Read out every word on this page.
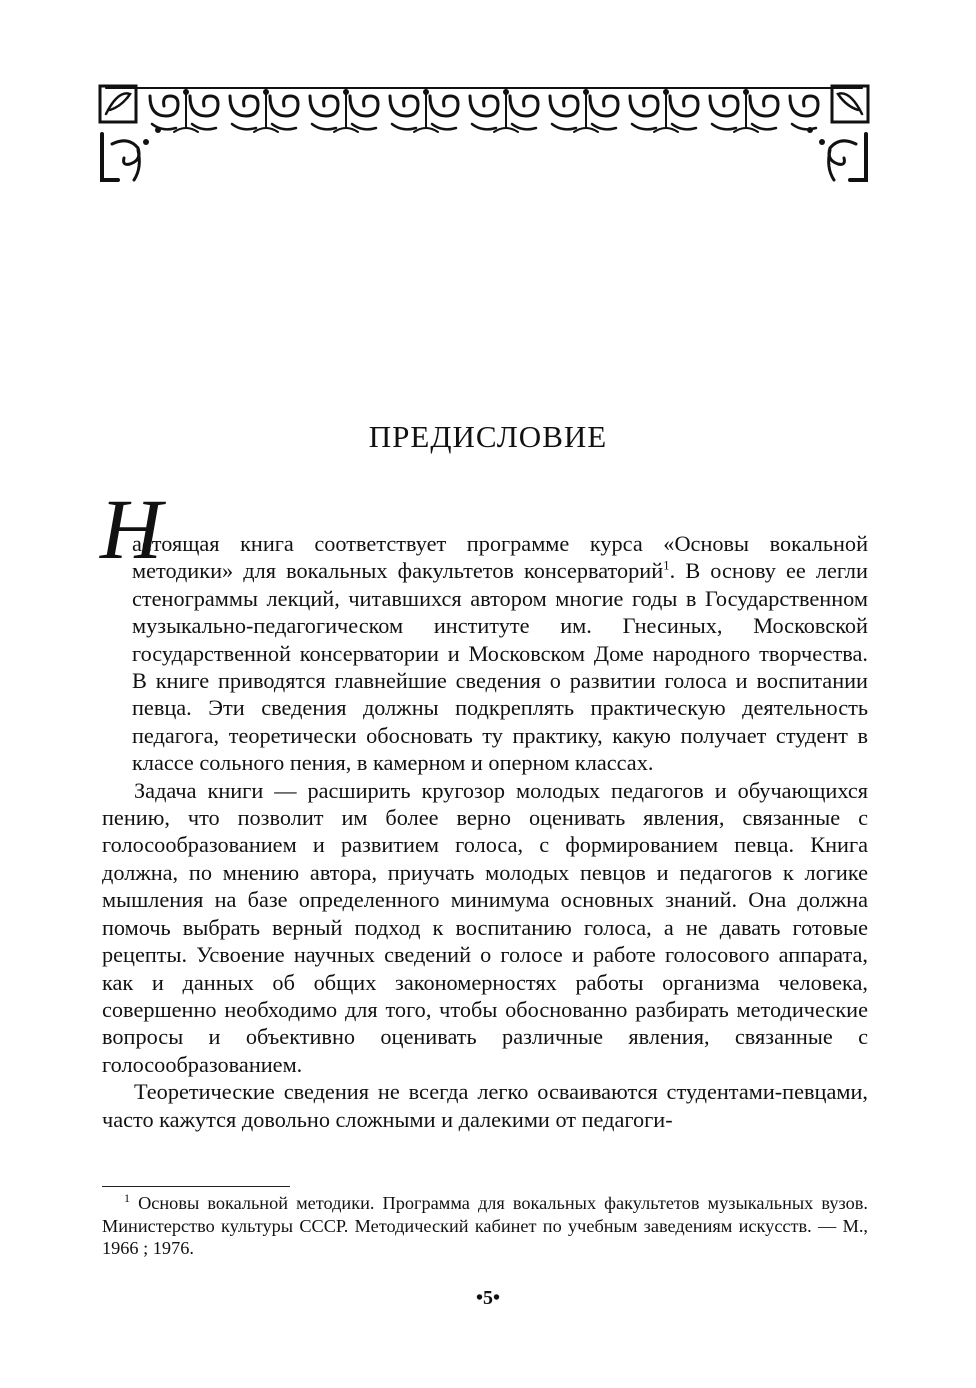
ПРЕДИСЛОВИЕ

Н
астоящая книга соответствует программе курса «Основы вокальной методики» для вокальных факультетов консерваторий$^1$. В основу ее легли стенограммы лекций, читавшихся автором многие годы в Государственном музыкально-педагогическом институте им. Гнесиных, Московской государственной консерватории и Московском Доме народного творчества. В книге приводятся главнейшие сведения о развитии голоса и воспитании певца. Эти сведения должны подкреплять практическую деятельность педагога, теоретически обосновать ту практику, какую получает студент в классе сольного пения, в камерном и оперном классах.

Задача книги — расширить кругозор молодых педагогов и обучающихся пению, что позволит им более верно оценивать явления, связанные с голосообразованием и развитием голоса, с формированием певца. Книга должна, по мнению автора, приучать молодых певцов и педагогов к логике мышления на базе определенного минимума основных знаний. Она должна помочь выбрать верный подход к воспитанию голоса, а не давать готовые рецепты. Усвоение научных сведений о голосе и работе голосового аппарата, как и данных об общих закономерностях работы организма человека, совершенно необходимо для того, чтобы обоснованно разбирать методические вопросы и объективно оценивать различные явления, связанные с голосообразованием.

Теоретические сведения не всегда легко осваиваются студентами-певцами, часто кажутся довольно сложными и далекими от педагоги-

$^1$ Основы вокальной методики. Программа для вокальных факультетов музыкальных вузов. Министерство культуры СССР. Методический кабинет по учебным заведениям искусств. — М., 1966 ; 1976.

•5•
